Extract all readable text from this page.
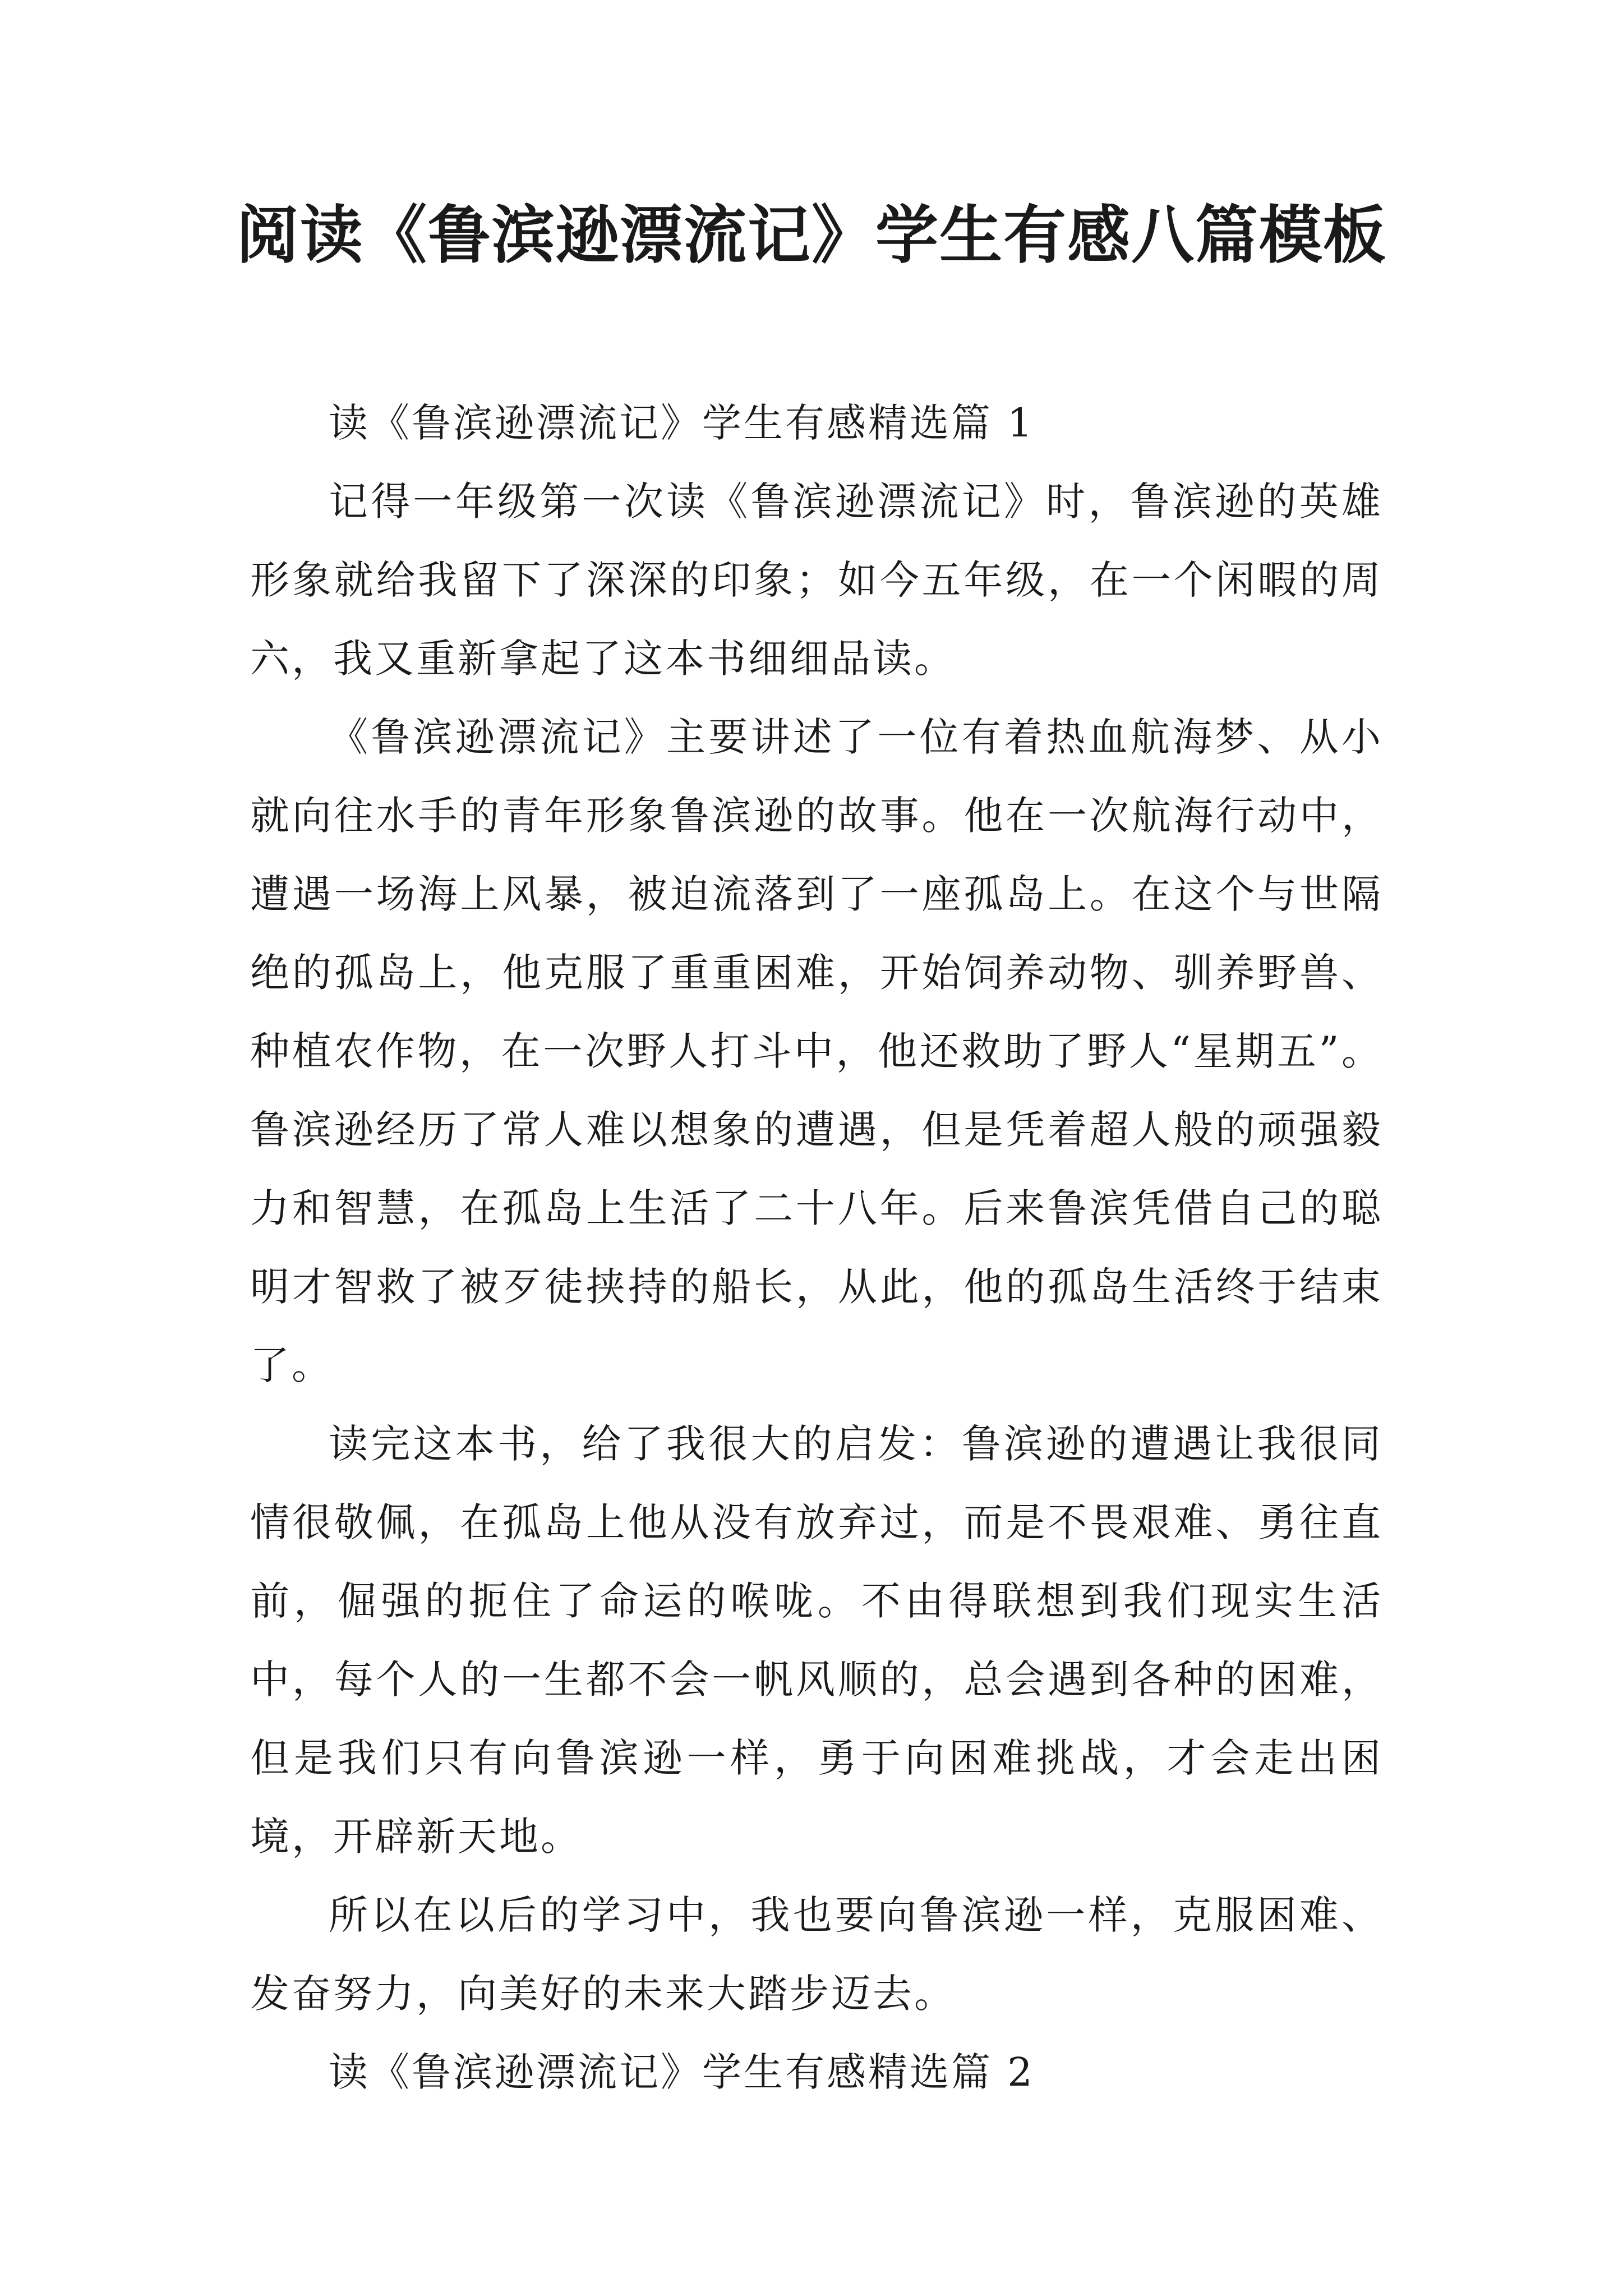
阅读《鲁滨逊漂流记》学生有感八篇模板

读《鲁滨逊漂流记》学生有感精选篇 1

记得一年级第一次读《鲁滨逊漂流记》时，鲁滨逊的英雄形象就给我留下了深深的印象；如今五年级，在一个闲暇的周六，我又重新拿起了这本书细细品读。

《鲁滨逊漂流记》主要讲述了一位有着热血航海梦、从小就向往水手的青年形象鲁滨逊的故事。他在一次航海行动中，遭遇一场海上风暴，被迫流落到了一座孤岛上。在这个与世隔绝的孤岛上，他克服了重重困难，开始饲养动物、驯养野兽、种植农作物，在一次野人打斗中，他还救助了野人“星期五”。鲁滨逊经历了常人难以想象的遭遇，但是凭着超人般的顽强毅力和智慧，在孤岛上生活了二十八年。后来鲁滨凭借自己的聪明才智救了被歹徒挟持的船长，从此，他的孤岛生活终于结束了。

读完这本书，给了我很大的启发：鲁滨逊的遭遇让我很同情很敬佩，在孤岛上他从没有放弃过，而是不畏艰难、勇往直前，倔强的扼住了命运的喉咙。不由得联想到我们现实生活中，每个人的一生都不会一帆风顺的，总会遇到各种的困难，但是我们只有向鲁滨逊一样，勇于向困难挑战，才会走出困境，开辟新天地。

所以在以后的学习中，我也要向鲁滨逊一样，克服困难、发奋努力，向美好的未来大踏步迈去。

读《鲁滨逊漂流记》学生有感精选篇 2
